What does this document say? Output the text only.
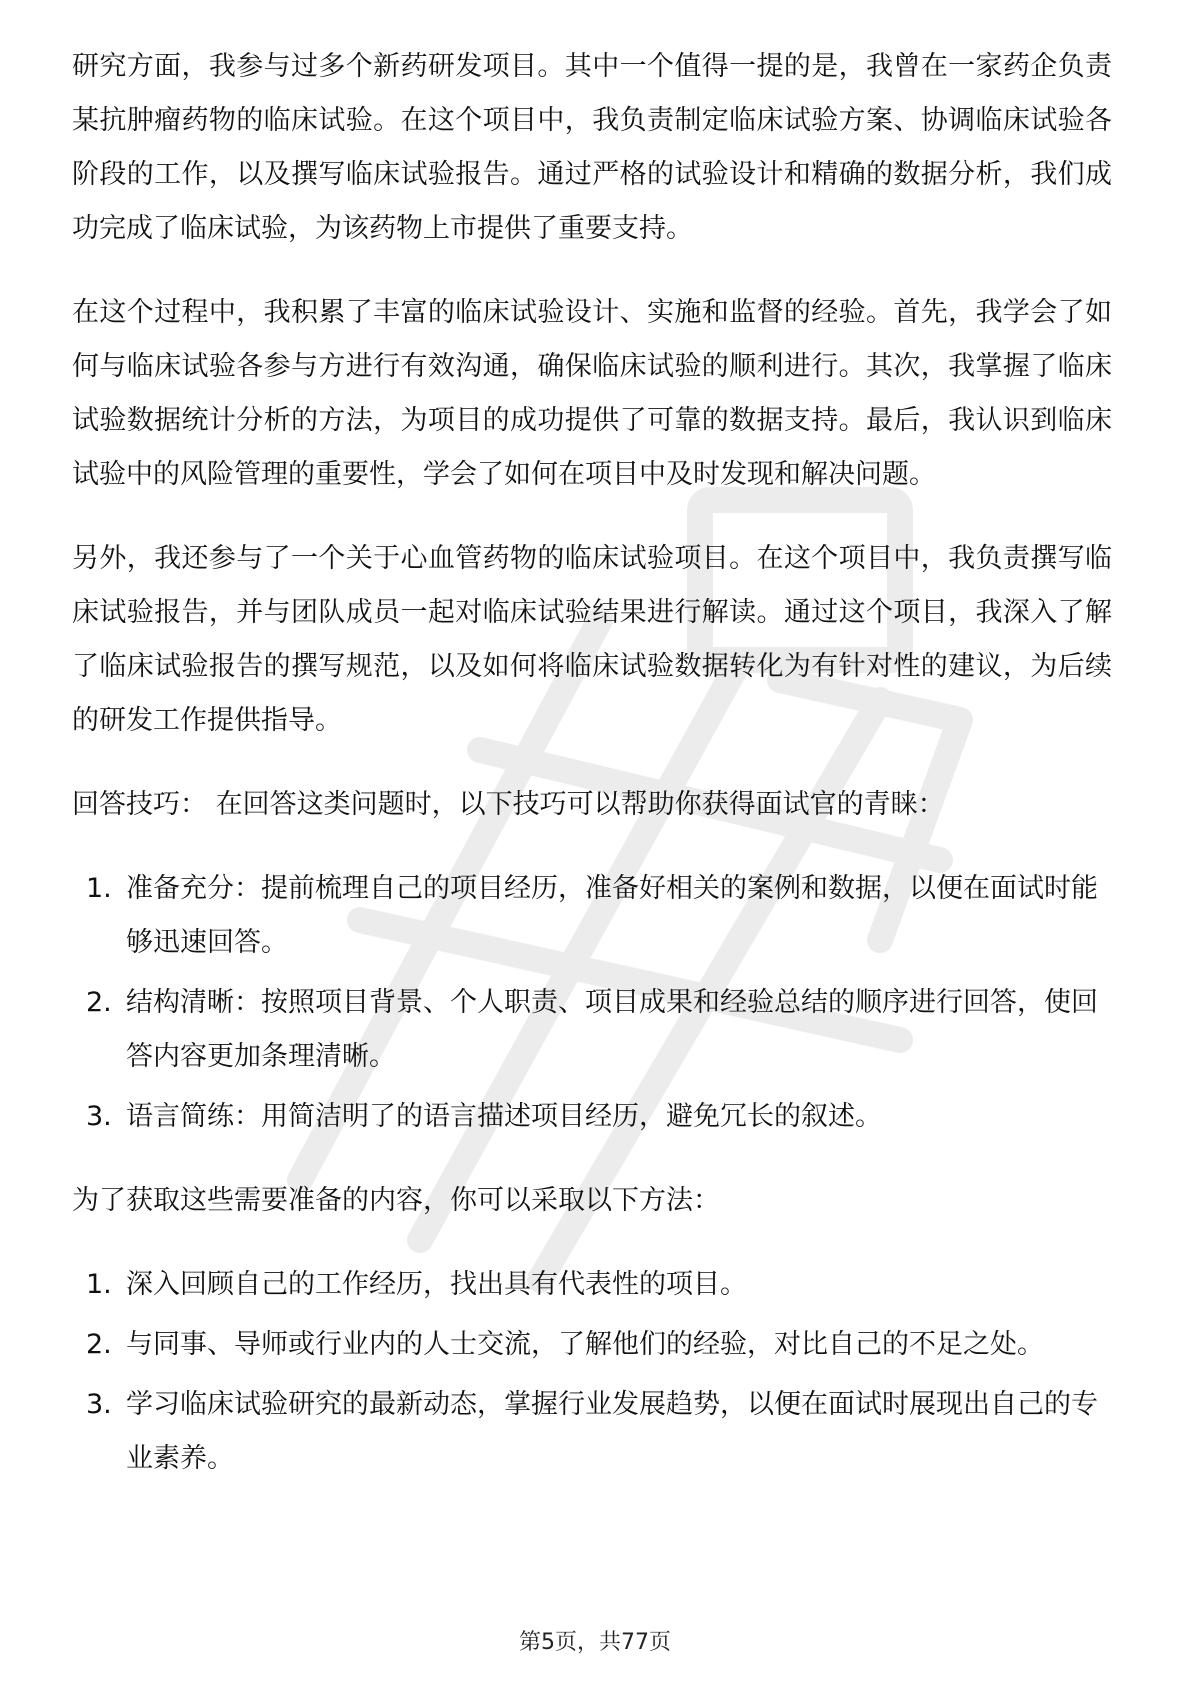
研究方面，我参与过多个新药研发项目。其中一个值得一提的是，我曾在一家药企负责某抗肿瘤药物的临床试验。在这个项目中，我负责制定临床试验方案、协调临床试验各阶段的工作，以及撰写临床试验报告。通过严格的试验设计和精确的数据分析，我们成功完成了临床试验，为该药物上市提供了重要支持。

在这个过程中，我积累了丰富的临床试验设计、实施和监督的经验。首先，我学会了如何与临床试验各参与方进行有效沟通，确保临床试验的顺利进行。其次，我掌握了临床试验数据统计分析的方法，为项目的成功提供了可靠的数据支持。最后，我认识到临床试验中的风险管理的重要性，学会了如何在项目中及时发现和解决问题。

另外，我还参与了一个关于心血管药物的临床试验项目。在这个项目中，我负责撰写临床试验报告，并与团队成员一起对临床试验结果进行解读。通过这个项目，我深入了解了临床试验报告的撰写规范，以及如何将临床试验数据转化为有针对性的建议，为后续的研发工作提供指导。

回答技巧： 在回答这类问题时，以下技巧可以帮助你获得面试官的青睐：

1. 准备充分：提前梳理自己的项目经历，准备好相关的案例和数据，以便在面试时能够迅速回答。
2. 结构清晰：按照项目背景、个人职责、项目成果和经验总结的顺序进行回答，使回答内容更加条理清晰。
3. 语言简练：用简洁明了的语言描述项目经历，避免冗长的叙述。

为了获取这些需要准备的内容，你可以采取以下方法：

1. 深入回顾自己的工作经历，找出具有代表性的项目。
2. 与同事、导师或行业内的人士交流，了解他们的经验，对比自己的不足之处。
3. 学习临床试验研究的最新动态，掌握行业发展趋势，以便在面试时展现出自己的专业素养。
第5页，共77页
